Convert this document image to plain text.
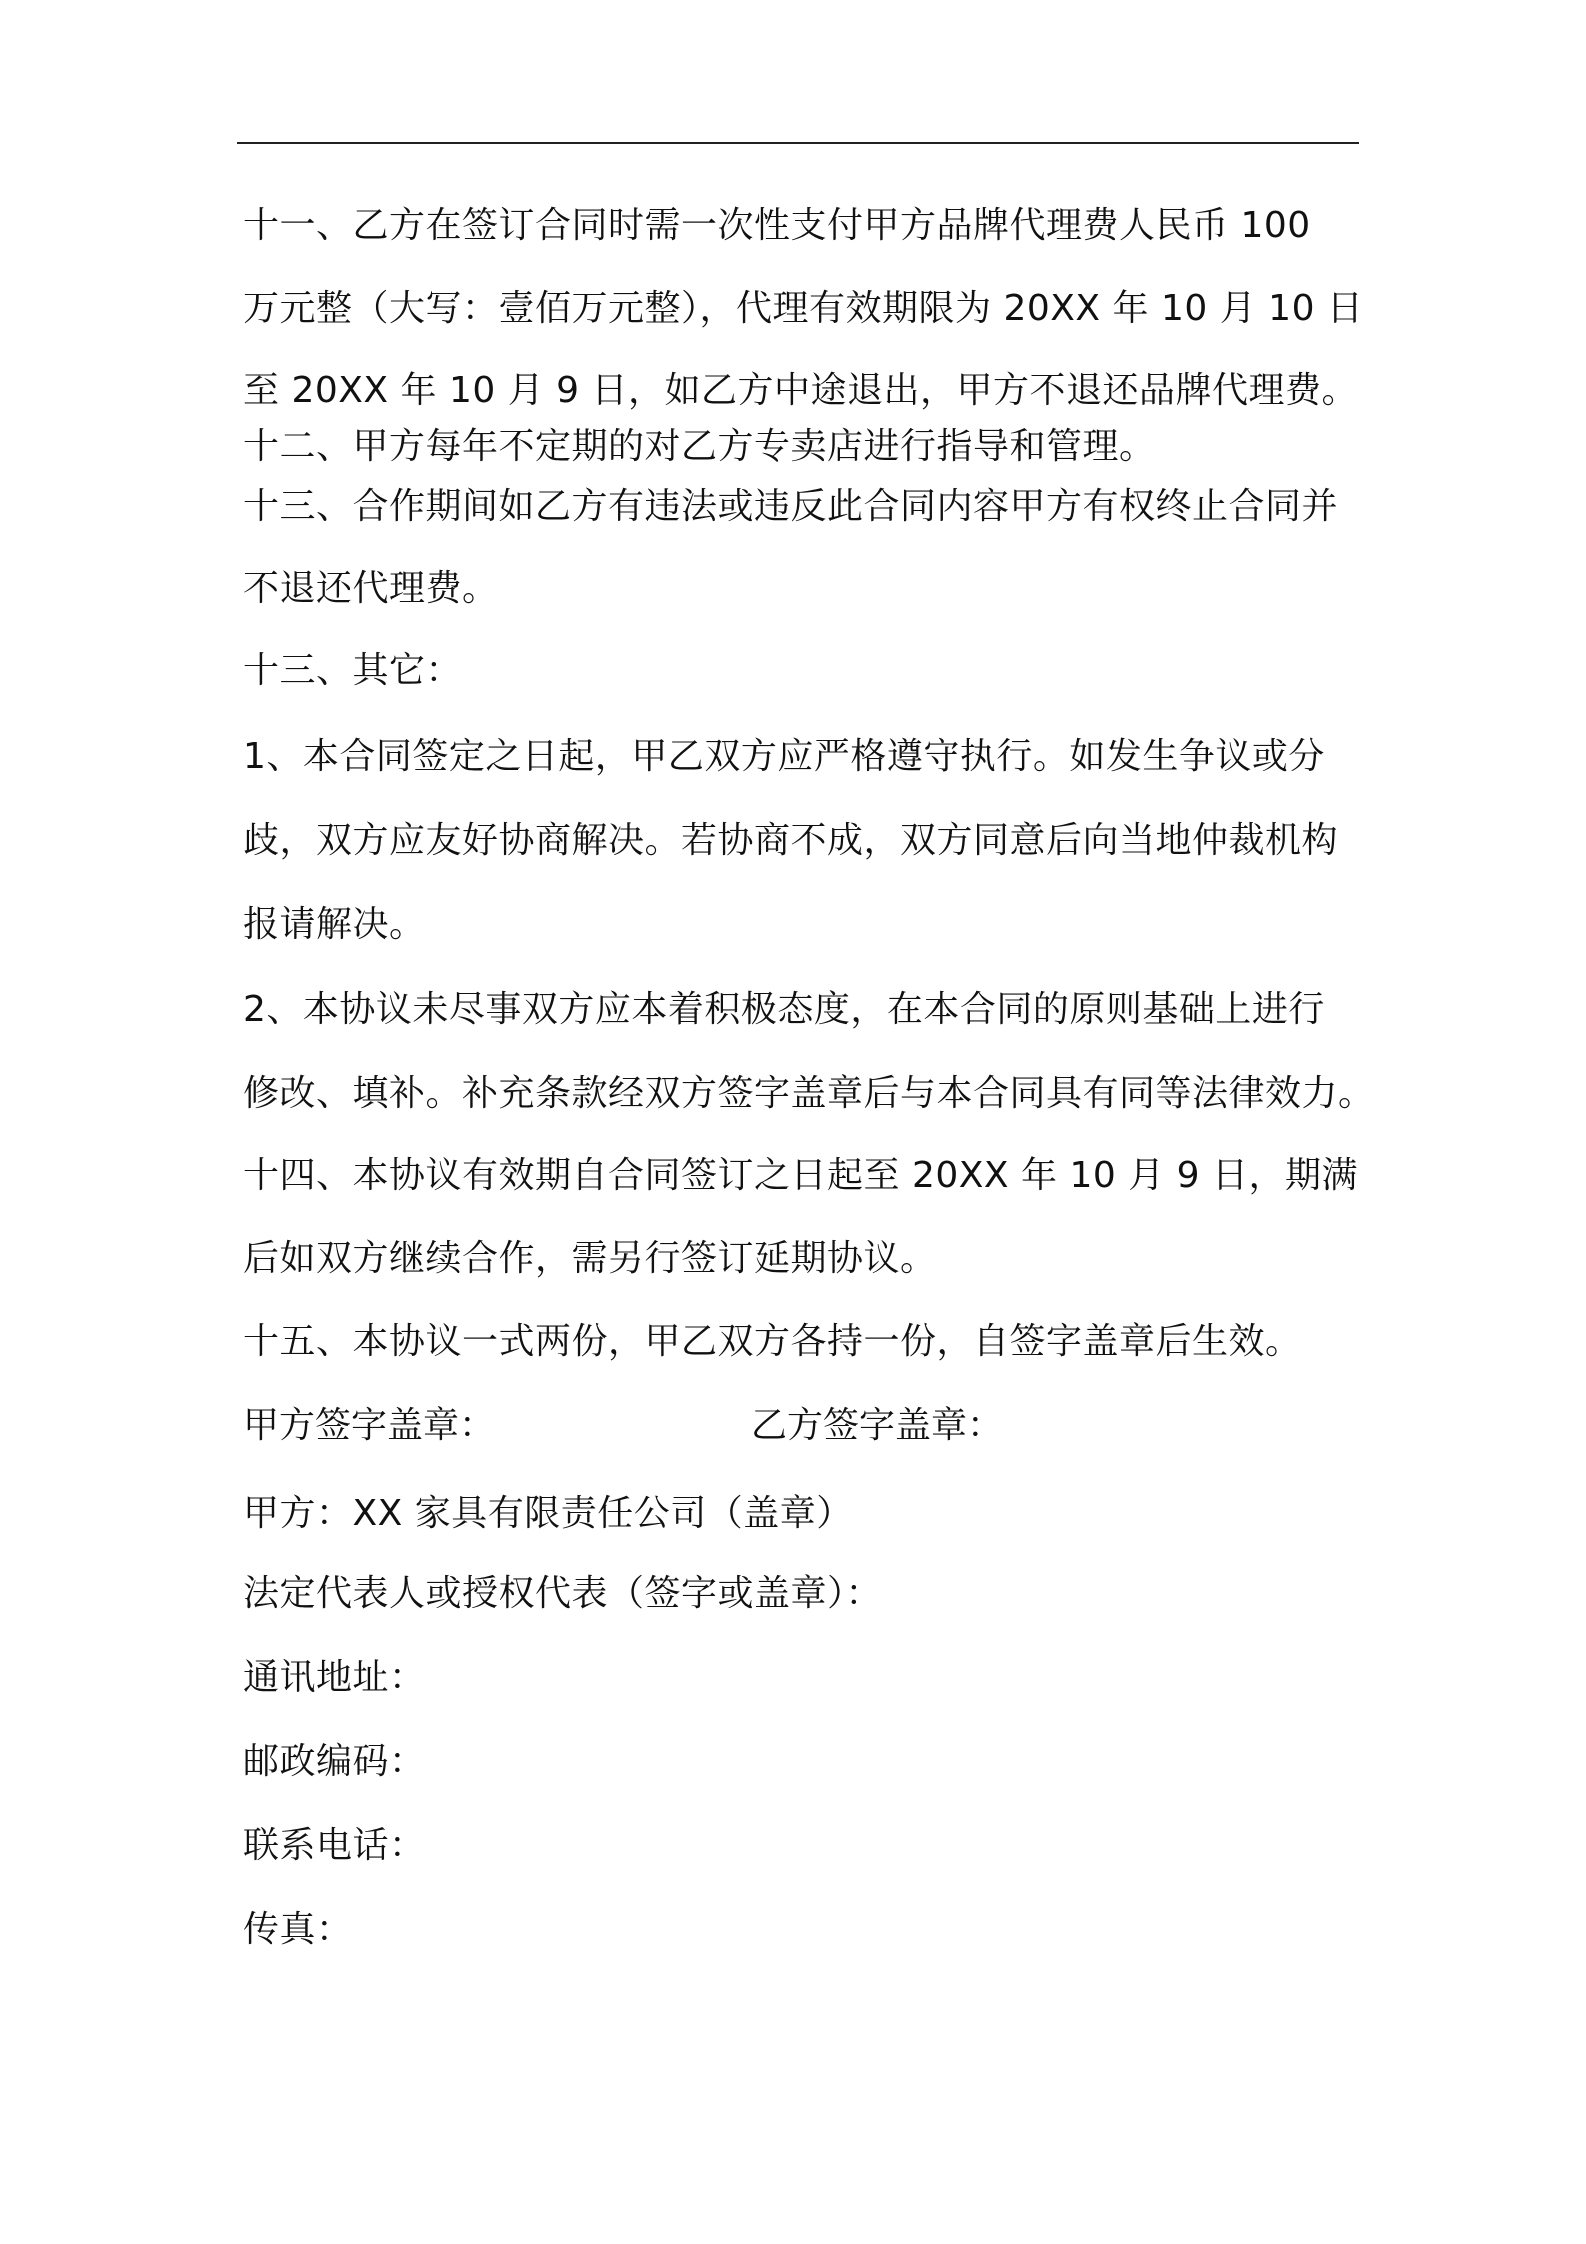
十一、乙方在签订合同时需一次性支付甲方品牌代理费人民币 100
万元整（大写：壹佰万元整），代理有效期限为 20XX 年 10 月 10 日
至 20XX 年 10 月 9 日，如乙方中途退出，甲方不退还品牌代理费。
十二、甲方每年不定期的对乙方专卖店进行指导和管理。
十三、合作期间如乙方有违法或违反此合同内容甲方有权终止合同并
不退还代理费。
十三、其它：
1、本合同签定之日起，甲乙双方应严格遵守执行。如发生争议或分
歧，双方应友好协商解决。若协商不成，双方同意后向当地仲裁机构
报请解决。
2、本协议未尽事双方应本着积极态度，在本合同的原则基础上进行
修改、填补。补充条款经双方签字盖章后与本合同具有同等法律效力。
十四、本协议有效期自合同签订之日起至 20XX 年 10 月 9 日，期满
后如双方继续合作，需另行签订延期协议。
十五、本协议一式两份，甲乙双方各持一份，自签字盖章后生效。
甲方签字盖章：	乙方签字盖章：
甲方：XX 家具有限责任公司（盖章）
法定代表人或授权代表（签字或盖章）：
通讯地址：
邮政编码：
联系电话：
传真：
